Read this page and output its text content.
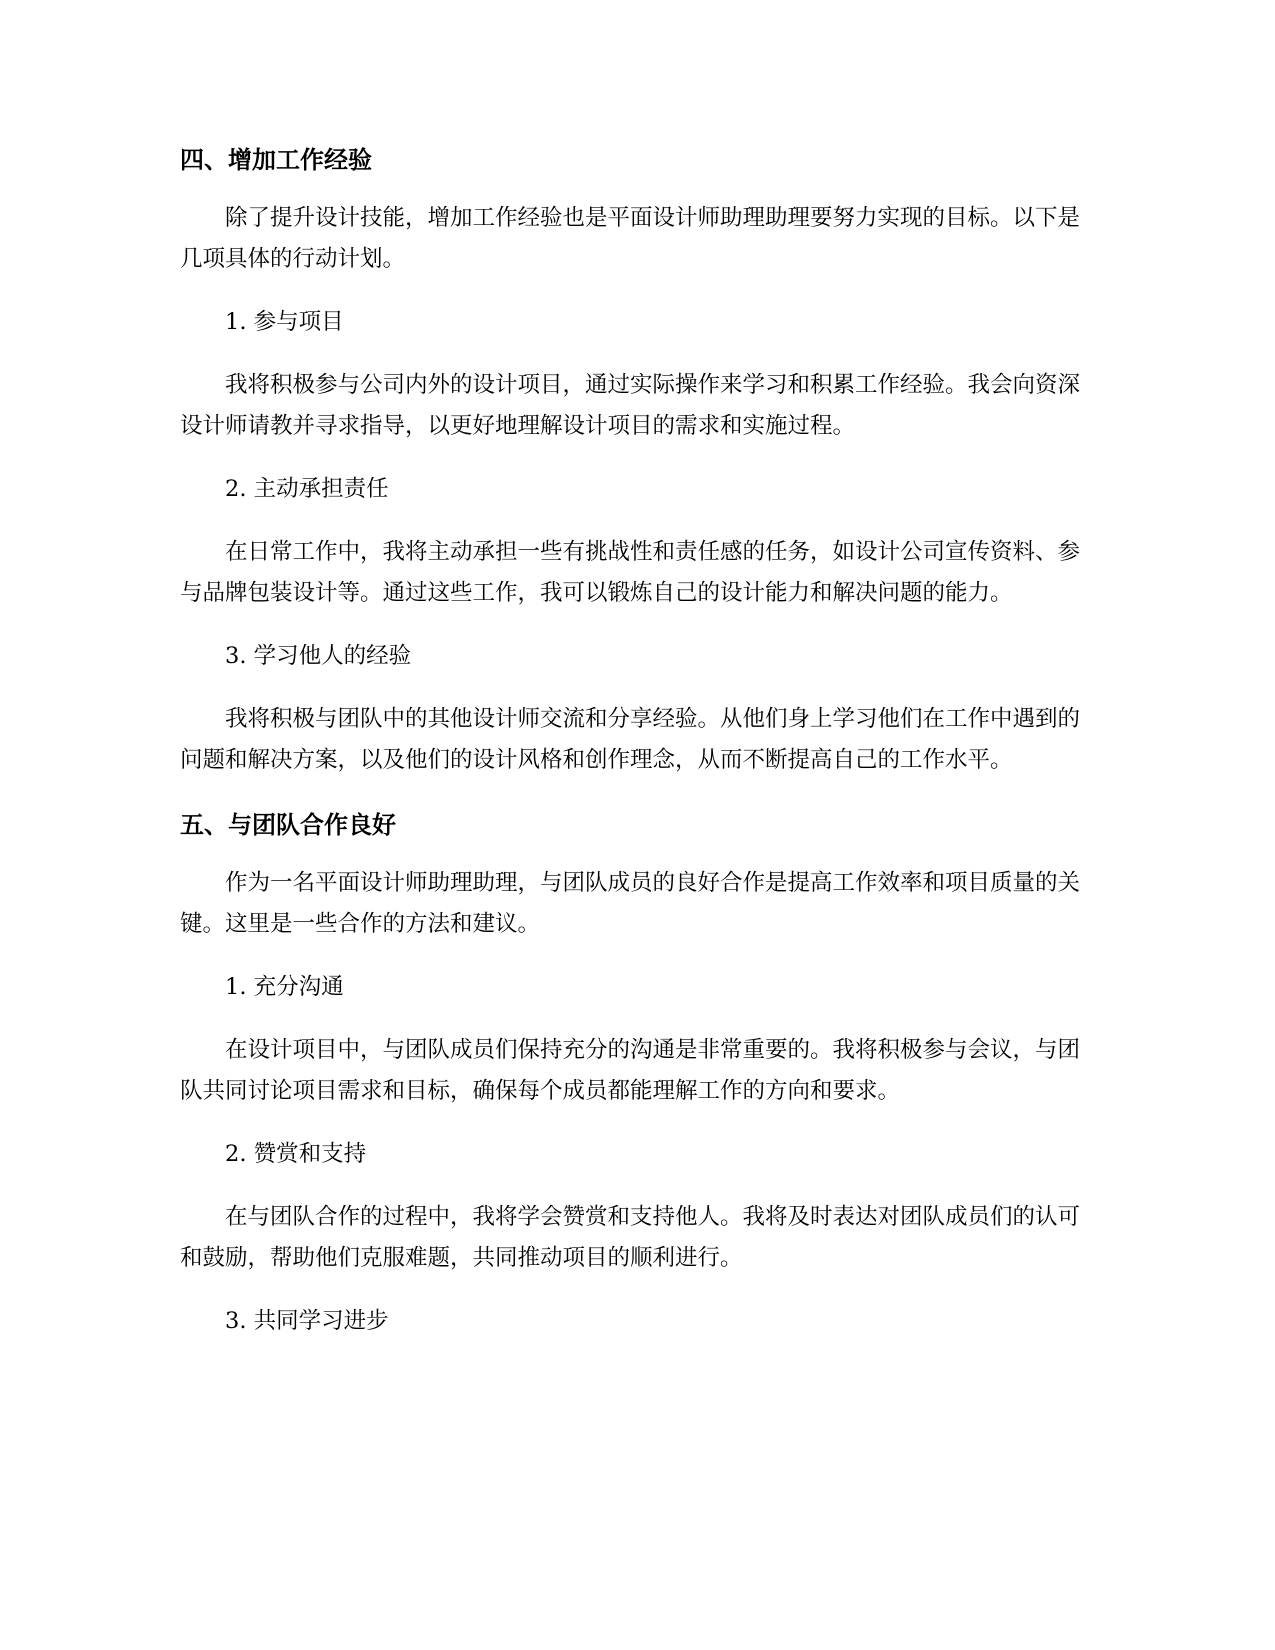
四、增加工作经验

除了提升设计技能，增加工作经验也是平面设计师助理助理要努力实现的目标。以下是几项具体的行动计划。

1. 参与项目

我将积极参与公司内外的设计项目，通过实际操作来学习和积累工作经验。我会向资深设计师请教并寻求指导，以更好地理解设计项目的需求和实施过程。

2. 主动承担责任

在日常工作中，我将主动承担一些有挑战性和责任感的任务，如设计公司宣传资料、参与品牌包装设计等。通过这些工作，我可以锻炼自己的设计能力和解决问题的能力。

3. 学习他人的经验

我将积极与团队中的其他设计师交流和分享经验。从他们身上学习他们在工作中遇到的问题和解决方案，以及他们的设计风格和创作理念，从而不断提高自己的工作水平。

五、与团队合作良好

作为一名平面设计师助理助理，与团队成员的良好合作是提高工作效率和项目质量的关键。这里是一些合作的方法和建议。

1. 充分沟通

在设计项目中，与团队成员们保持充分的沟通是非常重要的。我将积极参与会议，与团队共同讨论项目需求和目标，确保每个成员都能理解工作的方向和要求。

2. 赞赏和支持

在与团队合作的过程中，我将学会赞赏和支持他人。我将及时表达对团队成员们的认可和鼓励，帮助他们克服难题，共同推动项目的顺利进行。

3. 共同学习进步
